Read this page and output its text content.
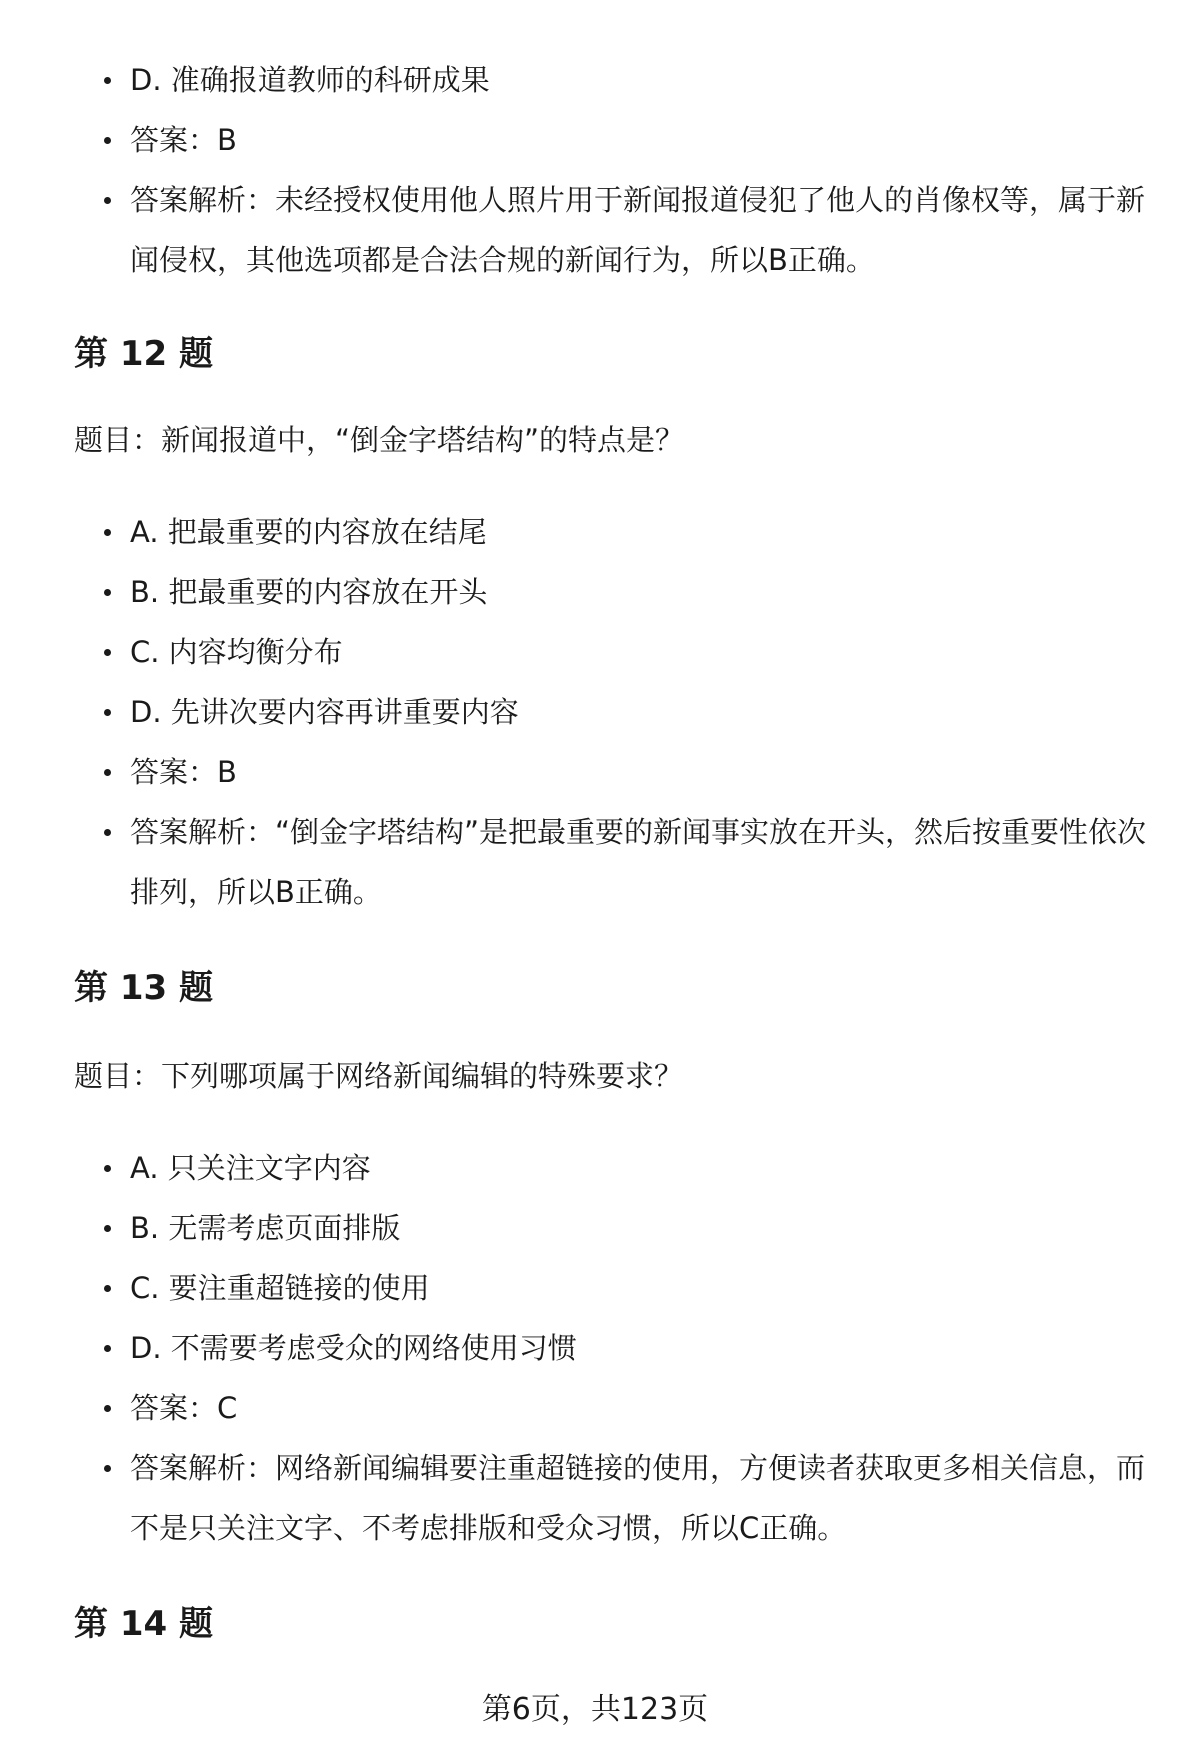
D. 准确报道教师的科研成果
答案：B
答案解析：未经授权使用他人照片用于新闻报道侵犯了他人的肖像权等，属于新闻侵权，其他选项都是合法合规的新闻行为，所以B正确。
第 12 题

题目：新闻报道中，“倒金字塔结构”的特点是？

A. 把最重要的内容放在结尾
B. 把最重要的内容放在开头
C. 内容均衡分布
D. 先讲次要内容再讲重要内容
答案：B
答案解析：“倒金字塔结构”是把最重要的新闻事实放在开头，然后按重要性依次排列，所以B正确。
第 13 题

题目：下列哪项属于网络新闻编辑的特殊要求？

A. 只关注文字内容
B. 无需考虑页面排版
C. 要注重超链接的使用
D. 不需要考虑受众的网络使用习惯
答案：C
答案解析：网络新闻编辑要注重超链接的使用，方便读者获取更多相关信息，而不是只关注文字、不考虑排版和受众习惯，所以C正确。
第 14 题
第6页，共123页
